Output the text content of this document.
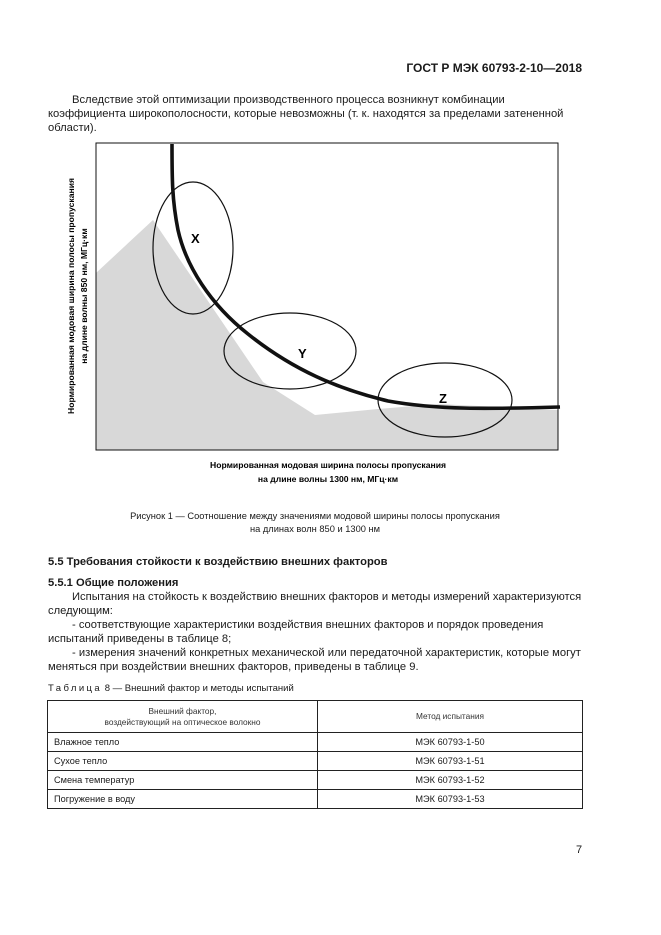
ГОСТ Р МЭК 60793-2-10—2018

Вследствие этой оптимизации производственного процесса возникнут комбинации коэффициента широкополосности, которые невозможны (т. к. находятся за пределами затененной области).

X
Y
Z
Нормированная модовая ширина полосы пропускания на длине волны 850 нм, МГц·км
Нормированная модовая ширина полосы пропускания
на длине волны 1300 нм, МГц·км
Рисунок 1 — Соотношение между значениями модовой ширины полосы пропускания
на длинах волн 850 и 1300 нм
5.5 Требования стойкости к воздействию внешних факторов
5.5.1 Общие положения

Испытания на стойкость к воздействию внешних факторов и методы измерений характеризуются следующим:

- соответствующие характеристики воздействия внешних факторов и порядок проведения испытаний приведены в таблице 8;

- измерения значений конкретных механической или передаточной характеристик, которые могут меняться при воздействии внешних факторов, приведены в таблице 9.

Таблица 8 — Внешний фактор и методы испытаний
Внешний фактор,
воздействующий на оптическое волокно	Метод испытания
Влажное тепло	МЭК 60793-1-50
Сухое тепло	МЭК 60793-1-51
Смена температур	МЭК 60793-1-52
Погружение в воду	МЭК 60793-1-53
7
